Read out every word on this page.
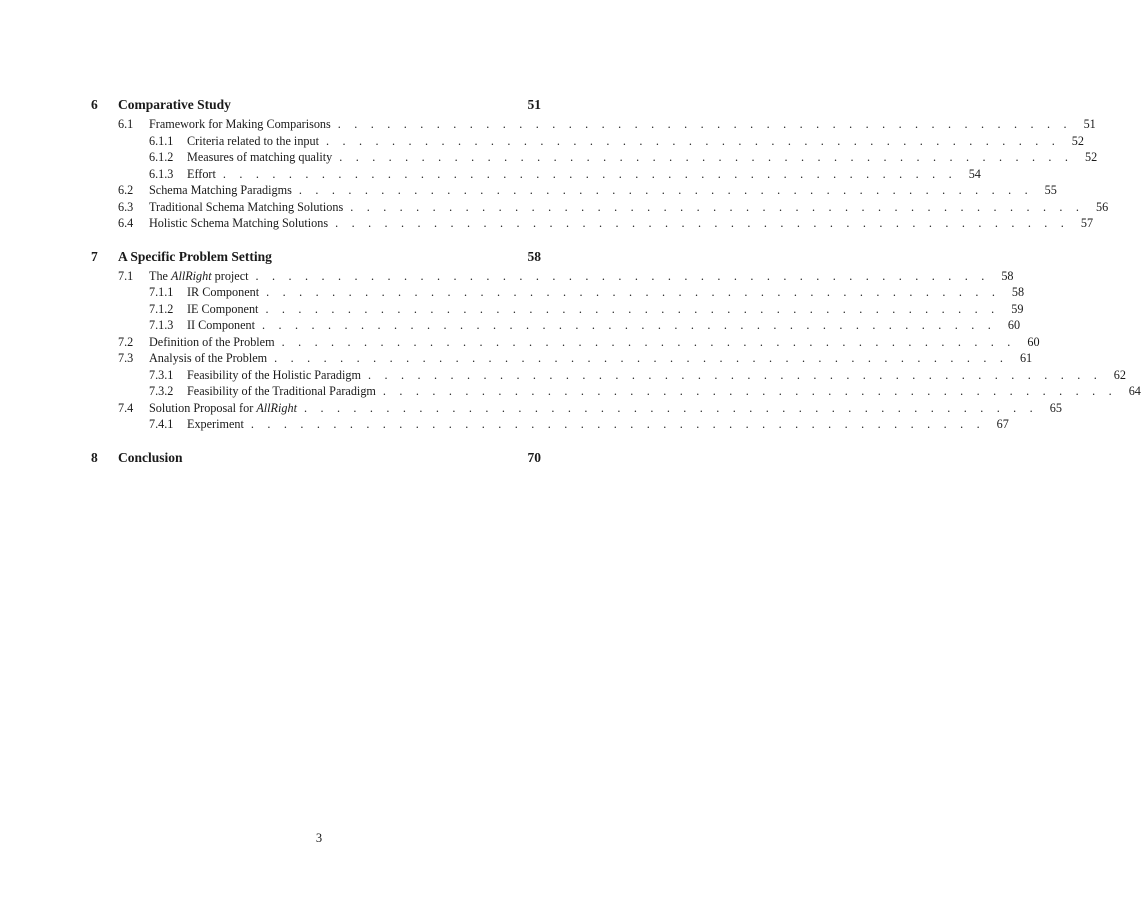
6	Comparative Study	51
6.1	Framework for Making Comparisons . . . . . . . . . . . . . . . . . . . . . . . . . . . . . . . . . . . . . . . . . . . . . 51
6.1.1	Criteria related to the input . . . . . . . . . . . . . . . . . . . . . . . . . . . . . . . . . . . . . . . . . . . . . 52
6.1.2	Measures of matching quality . . . . . . . . . . . . . . . . . . . . . . . . . . . . . . . . . . . . . . . . . . . . . 52
6.1.3	Effort . . . . . . . . . . . . . . . . . . . . . . . . . . . . . . . . . . . . . . . . . . . . . 54
6.2	Schema Matching Paradigms . . . . . . . . . . . . . . . . . . . . . . . . . . . . . . . . . . . . . . . . . . . . . 55
6.3	Traditional Schema Matching Solutions . . . . . . . . . . . . . . . . . . . . . . . . . . . . . . . . . . . . . . . . . . . . . 56
6.4	Holistic Schema Matching Solutions . . . . . . . . . . . . . . . . . . . . . . . . . . . . . . . . . . . . . . . . . . . . . 57
7	A Specific Problem Setting	58
7.1	The AllRight project . . . . . . . . . . . . . . . . . . . . . . . . . . . . . . . . . . . . . . . . . . . . . 58
7.1.1	IR Component . . . . . . . . . . . . . . . . . . . . . . . . . . . . . . . . . . . . . . . . . . . . . 58
7.1.2	IE Component . . . . . . . . . . . . . . . . . . . . . . . . . . . . . . . . . . . . . . . . . . . . . 59
7.1.3	II Component . . . . . . . . . . . . . . . . . . . . . . . . . . . . . . . . . . . . . . . . . . . . . 60
7.2	Definition of the Problem . . . . . . . . . . . . . . . . . . . . . . . . . . . . . . . . . . . . . . . . . . . . . 60
7.3	Analysis of the Problem . . . . . . . . . . . . . . . . . . . . . . . . . . . . . . . . . . . . . . . . . . . . . 61
7.3.1	Feasibility of the Holistic Paradigm . . . . . . . . . . . . . . . . . . . . . . . . . . . . . . . . . . . . . . . . . . . . . 62
7.3.2	Feasibility of the Traditional Paradigm . . . . . . . . . . . . . . . . . . . . . . . . . . . . . . . . . . . . . . . . . . . . . 64
7.4	Solution Proposal for AllRight . . . . . . . . . . . . . . . . . . . . . . . . . . . . . . . . . . . . . . . . . . . . . 65
7.4.1	Experiment . . . . . . . . . . . . . . . . . . . . . . . . . . . . . . . . . . . . . . . . . . . . . 67
8	Conclusion	70
3
